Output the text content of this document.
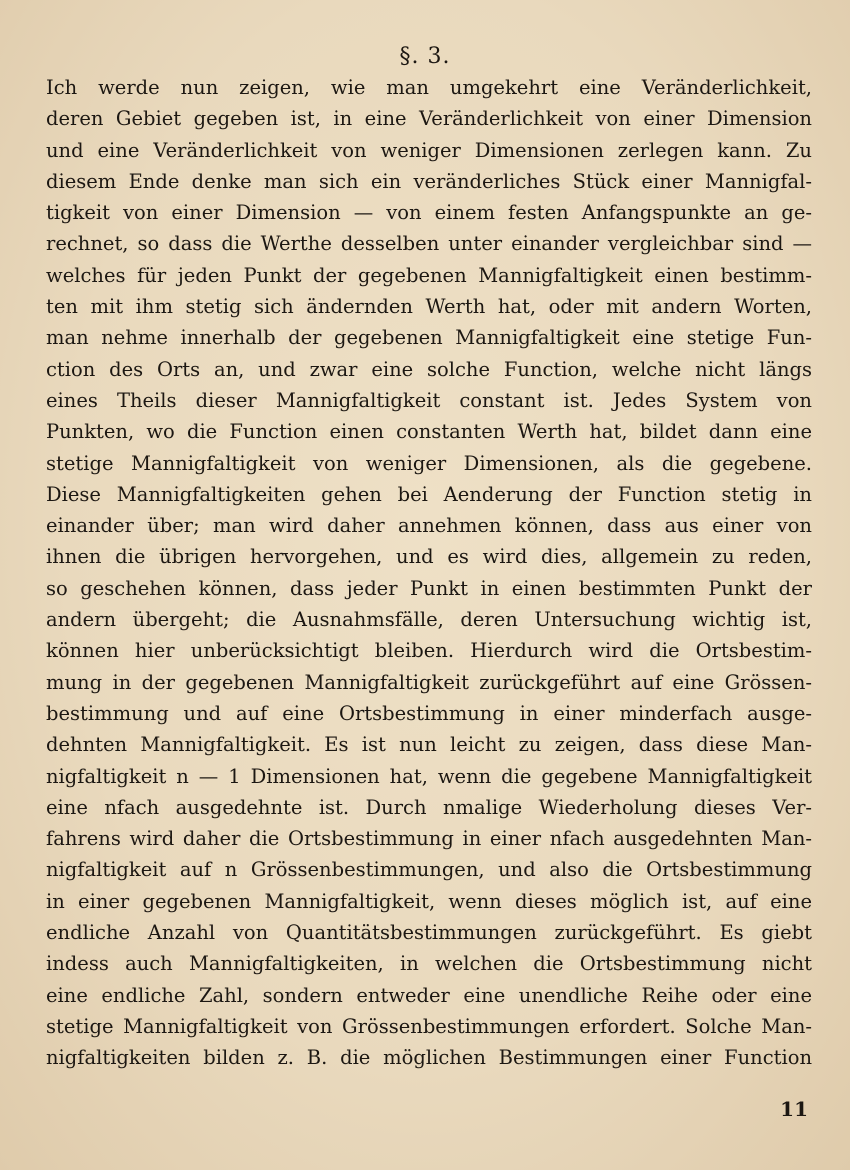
§. 3.
Ich werde nun zeigen, wie man umgekehrt eine Veränderlichkeit,
deren Gebiet gegeben ist, in eine Veränderlichkeit von einer Dimension
und eine Veränderlichkeit von weniger Dimensionen zerlegen kann. Zu
diesem Ende denke man sich ein veränderliches Stück einer Mannigfal-
tigkeit von einer Dimension — von einem festen Anfangspunkte an ge-
rechnet, so dass die Werthe desselben unter einander vergleichbar sind —
welches für jeden Punkt der gegebenen Mannigfaltigkeit einen bestimm-
ten mit ihm stetig sich ändernden Werth hat, oder mit andern Worten,
man nehme innerhalb der gegebenen Mannigfaltigkeit eine stetige Fun-
ction des Orts an, und zwar eine solche Function, welche nicht längs
eines Theils dieser Mannigfaltigkeit constant ist. Jedes System von
Punkten, wo die Function einen constanten Werth hat, bildet dann eine
stetige Mannigfaltigkeit von weniger Dimensionen, als die gegebene.
Diese Mannigfaltigkeiten gehen bei Aenderung der Function stetig in
einander über; man wird daher annehmen können, dass aus einer von
ihnen die übrigen hervorgehen, und es wird dies, allgemein zu reden,
so geschehen können, dass jeder Punkt in einen bestimmten Punkt der
andern übergeht; die Ausnahmsfälle, deren Untersuchung wichtig ist,
können hier unberücksichtigt bleiben. Hierdurch wird die Ortsbestim-
mung in der gegebenen Mannigfaltigkeit zurückgeführt auf eine Grössen-
bestimmung und auf eine Ortsbestimmung in einer minderfach ausge-
dehnten Mannigfaltigkeit. Es ist nun leicht zu zeigen, dass diese Man-
nigfaltigkeit n — 1 Dimensionen hat, wenn die gegebene Mannigfaltigkeit
eine nfach ausgedehnte ist. Durch nmalige Wiederholung dieses Ver-
fahrens wird daher die Ortsbestimmung in einer nfach ausgedehnten Man-
nigfaltigkeit auf n Grössenbestimmungen, und also die Ortsbestimmung
in einer gegebenen Mannigfaltigkeit, wenn dieses möglich ist, auf eine
endliche Anzahl von Quantitätsbestimmungen zurückgeführt. Es giebt
indess auch Mannigfaltigkeiten, in welchen die Ortsbestimmung nicht
eine endliche Zahl, sondern entweder eine unendliche Reihe oder eine
stetige Mannigfaltigkeit von Grössenbestimmungen erfordert. Solche Man-
nigfaltigkeiten bilden z. B. die möglichen Bestimmungen einer Function
11
